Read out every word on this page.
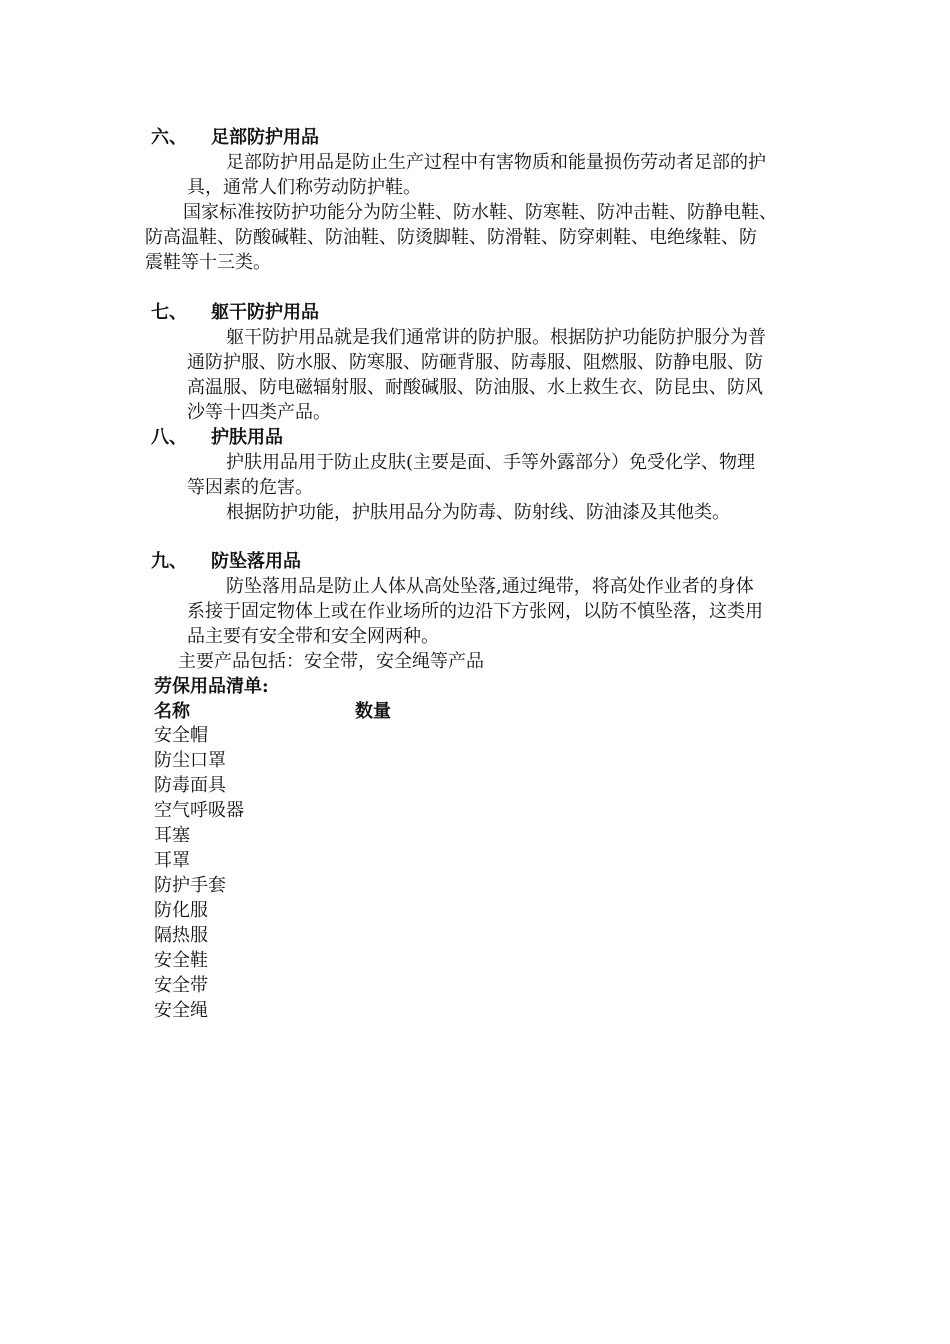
六、 足部防护用品
足部防护用品是防止生产过程中有害物质和能量损伤劳动者足部的护
具，通常人们称劳动防护鞋。
国家标准按防护功能分为防尘鞋、防水鞋、防寒鞋、防冲击鞋、防静电鞋、
防高温鞋、防酸碱鞋、防油鞋、防烫脚鞋、防滑鞋、防穿刺鞋、电绝缘鞋、防
震鞋等十三类。
七、 躯干防护用品
躯干防护用品就是我们通常讲的防护服。根据防护功能防护服分为普
通防护服、防水服、防寒服、防砸背服、防毒服、阻燃服、防静电服、防
高温服、防电磁辐射服、耐酸碱服、防油服、水上救生衣、防昆虫、防风
沙等十四类产品。
八、 护肤用品
护肤用品用于防止皮肤(主要是面、手等外露部分）免受化学、物理
等因素的危害。
根据防护功能，护肤用品分为防毒、防射线、防油漆及其他类。
九、 防坠落用品
防坠落用品是防止人体从高处坠落,通过绳带，将高处作业者的身体
系接于固定物体上或在作业场所的边沿下方张网，以防不慎坠落，这类用
品主要有安全带和安全网两种。
主要产品包括：安全带，安全绳等产品
劳保用品清单:
名称	数量
安全帽
防尘口罩
防毒面具
空气呼吸器
耳塞
耳罩
防护手套
防化服
隔热服
安全鞋
安全带
安全绳
